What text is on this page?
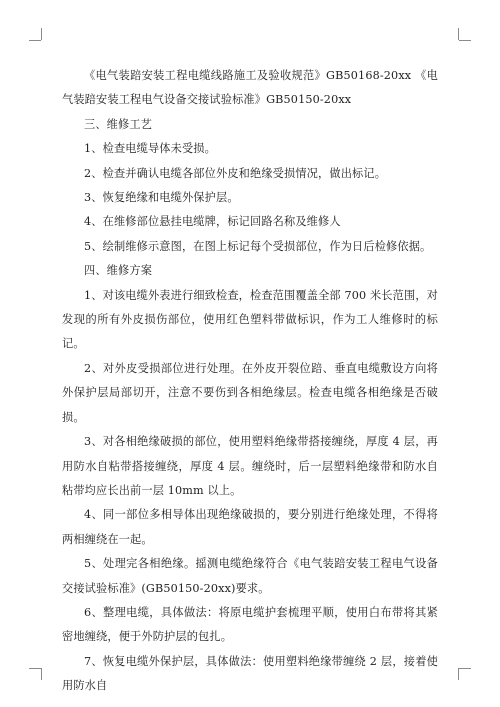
《电气装踣安装工程电缆线路施工及验收规范》GB50168-20xx 《电气装踣安装工程电气设备交接试验标准》GB50150-20xx

三、维修工艺

1、检查电缆导体未受损。

2、检查并确认电缆各部位外皮和绝缘受损情况，做出标记。

3、恢复绝缘和电缆外保护层。

4、在维修部位悬挂电缆牌，标记回路名称及维修人

5、绘制维修示意图，在图上标记每个受损部位，作为日后检修依据。

四、维修方案

1、对该电缆外表进行细致检查，检查范围覆盖全部 700 米长范围，对发现的所有外皮损伤部位，使用红色塑料带做标识，作为工人维修时的标记。

2、对外皮受损部位进行处理。在外皮开裂位踣、垂直电缆敷设方向将外保护层局部切开，注意不要伤到各相绝缘层。检查电缆各相绝缘是否破损。

3、对各相绝缘破损的部位，使用塑料绝缘带搭接缠绕，厚度 4 层，再用防水自粘带搭接缠绕，厚度 4 层。缠绕时，后一层塑料绝缘带和防水自粘带均应长出前一层 10mm 以上。

4、同一部位多相导体出现绝缘破损的，要分别进行绝缘处理，不得将两相缠绕在一起。

5、处理完各相绝缘。摇测电缆绝缘符合《电气装踣安装工程电气设备交接试验标准》(GB50150-20xx)要求。

6、整理电缆，具体做法：将原电缆护套梳理平顺，使用白布带将其紧密地缠绕，便于外防护层的包扎。

7、恢复电缆外保护层，具体做法：使用塑料绝缘带缠绕 2 层，接着使用防水自
